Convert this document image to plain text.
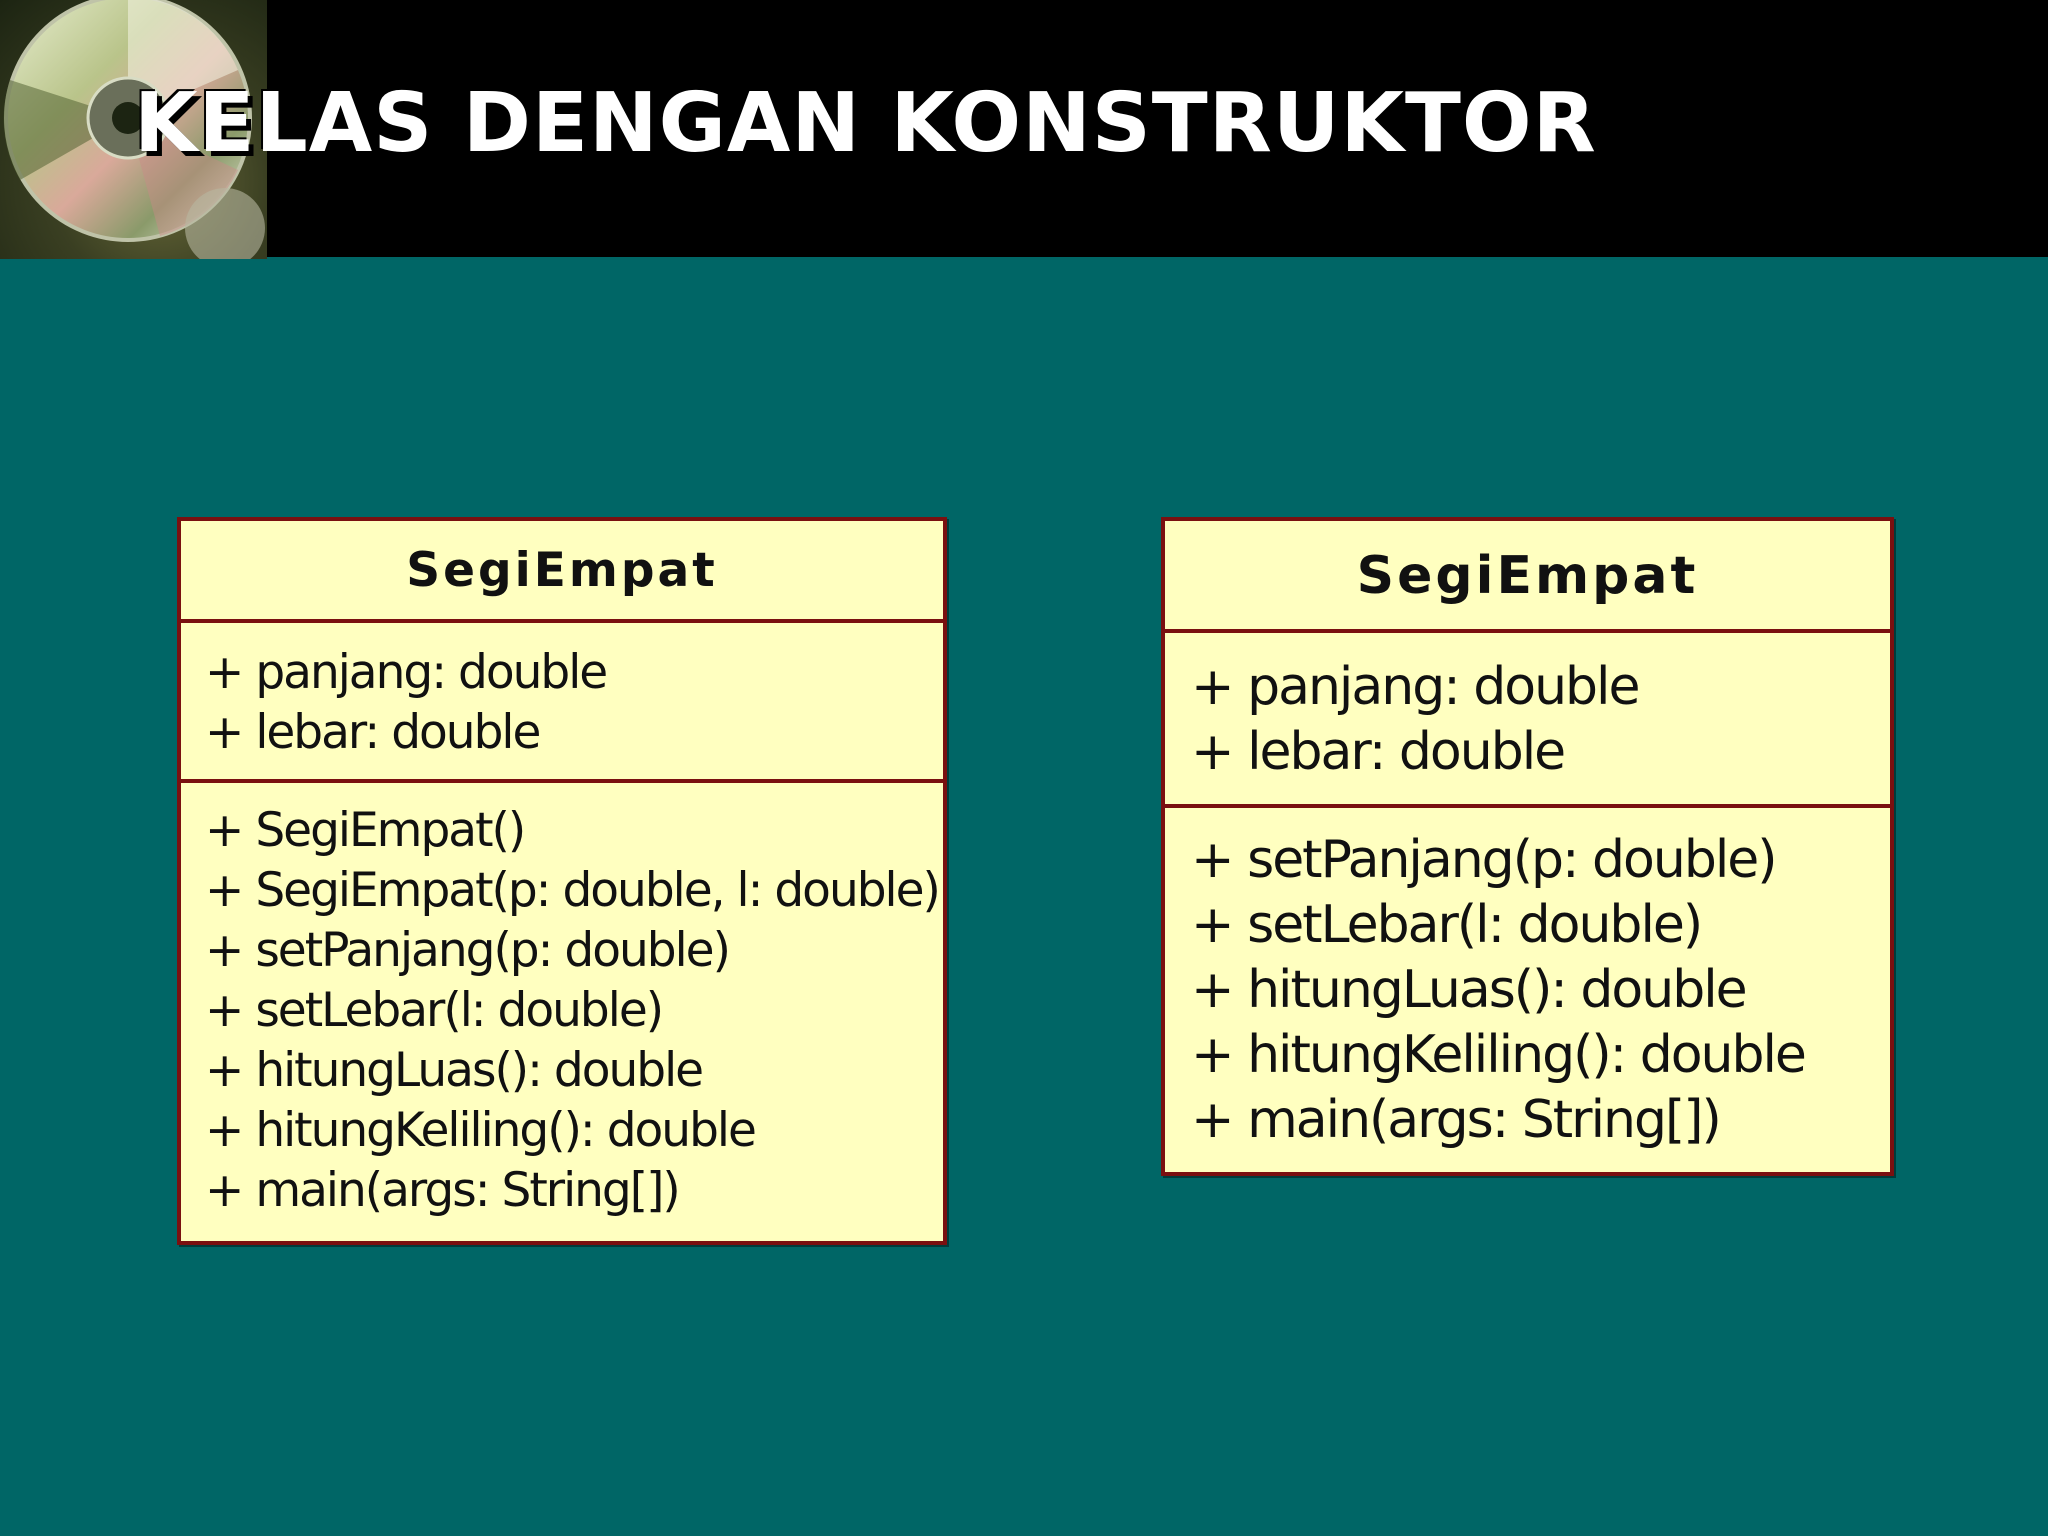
KELAS DENGAN KONSTRUKTOR
SegiEmpat
+ panjang: double
+ lebar: double
+ SegiEmpat()
+ SegiEmpat(p: double, l: double)
+ setPanjang(p: double)
+ setLebar(l: double)
+ hitungLuas(): double
+ hitungKeliling(): double
+ main(args: String[])
SegiEmpat
+ panjang: double
+ lebar: double
+ setPanjang(p: double)
+ setLebar(l: double)
+ hitungLuas(): double
+ hitungKeliling(): double
+ main(args: String[])
